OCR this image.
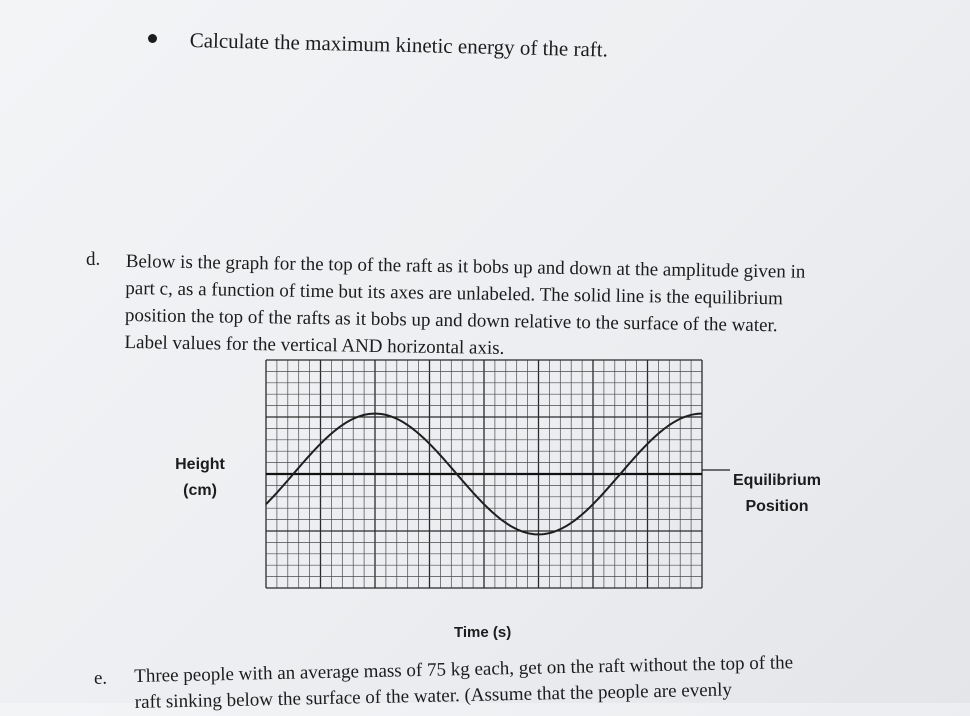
Calculate the maximum kinetic energy of the raft.
d. Below is the graph for the top of the raft as it bobs up and down at the amplitude given in
part c, as a function of time but its axes are unlabeled. The solid line is the equilibrium
position the top of the rafts as it bobs up and down relative to the surface of the water.
Label values for the vertical AND horizontal axis.
Height
(cm)
Equilibrium
Position
Time (s)
e. Three people with an average mass of 75 kg each, get on the raft without the top of the
raft sinking below the surface of the water. (Assume that the people are evenly
